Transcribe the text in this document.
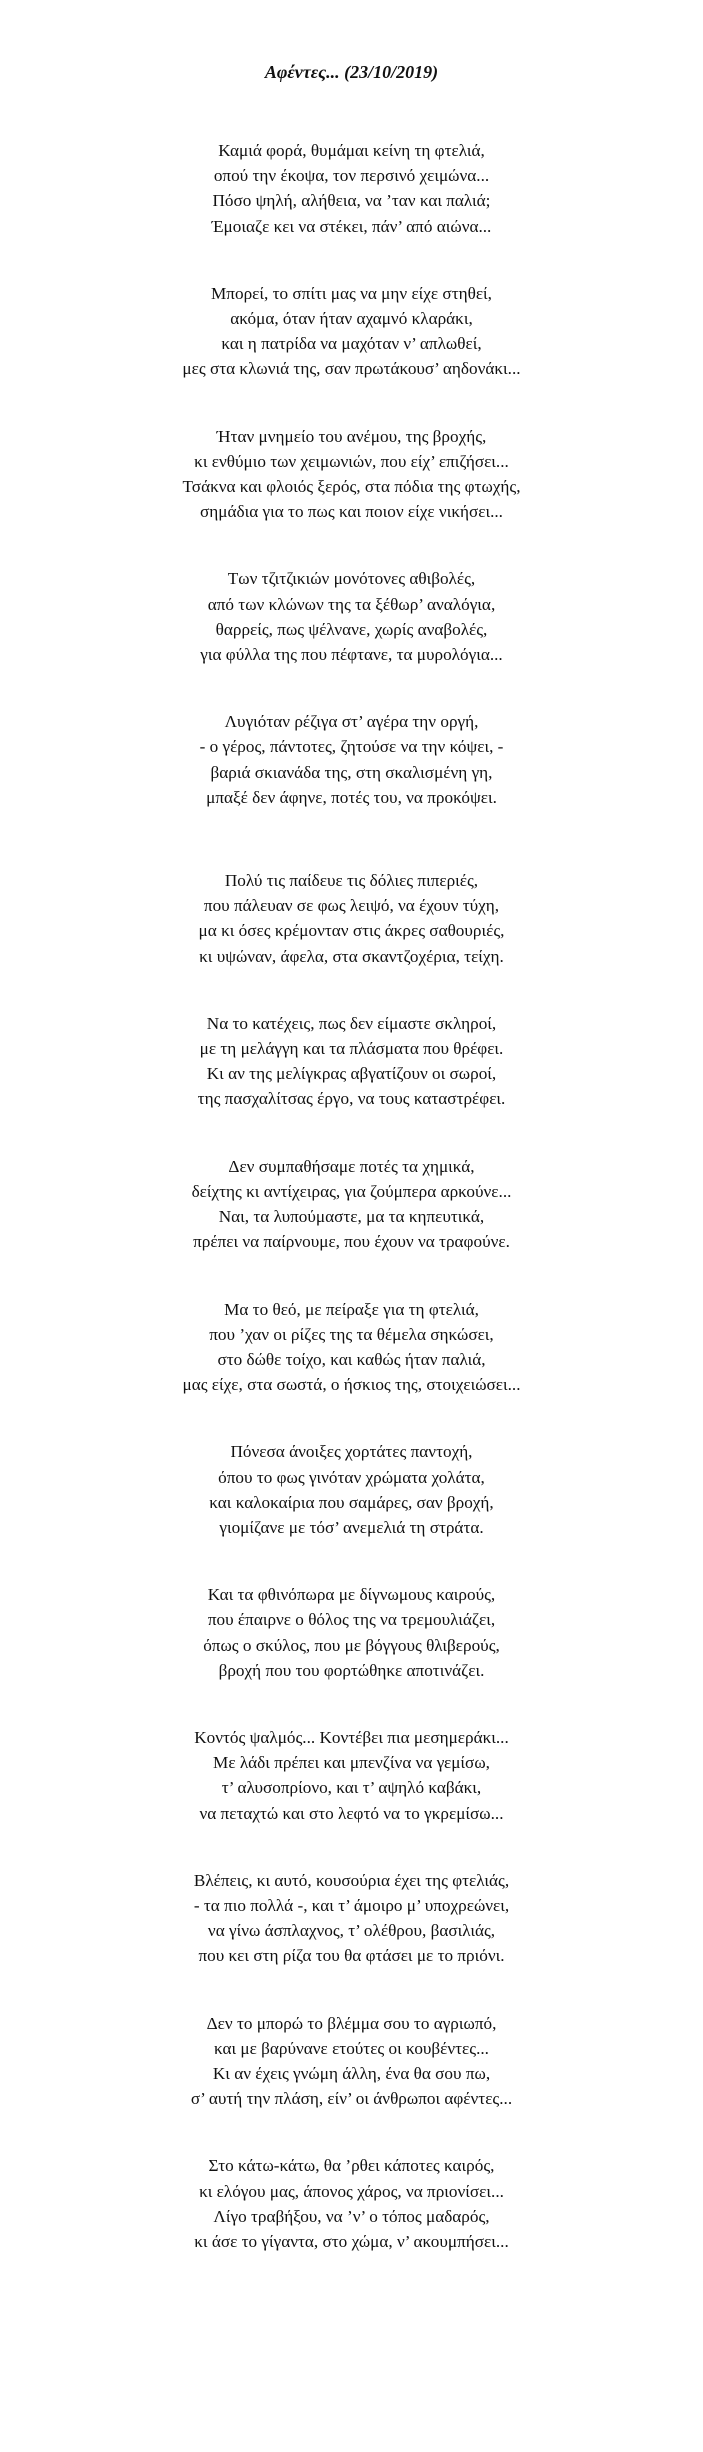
Αφέντες... (23/10/2019)
Καμιά φορά, θυμάμαι κείνη τη φτελιά,
οπού την έκοψα, τον περσινό χειμώνα...
Πόσο ψηλή, αλήθεια, να ’ταν και παλιά;
Έμοιαζε κει να στέκει, πάν’ από αιώνα...
Μπορεί, το σπίτι μας να μην είχε στηθεί,
ακόμα, όταν ήταν αχαμνό κλαράκι,
και η πατρίδα να μαχόταν ν’ απλωθεί,
μες στα κλωνιά της, σαν πρωτάκουσ’ αηδονάκι...
Ήταν μνημείο του ανέμου, της βροχής,
κι ενθύμιο των χειμωνιών, που είχ’ επιζήσει...
Τσάκνα και φλοιός ξερός, στα πόδια της φτωχής,
σημάδια για το πως και ποιον είχε νικήσει...
Των τζιτζικιών μονότονες αθιβολές,
από των κλώνων της τα ξέθωρ’ αναλόγια,
θαρρείς, πως ψέλνανε, χωρίς αναβολές,
για φύλλα της που πέφτανε, τα μυρολόγια...
Λυγιόταν ρέζιγα στ’ αγέρα την οργή,
- ο γέρος, πάντοτες, ζητούσε να την κόψει, -
βαριά σκιανάδα της, στη σκαλισμένη γη,
μπαξέ δεν άφηνε, ποτές του, να προκόψει.
Πολύ τις παίδευε τις δόλιες πιπεριές,
που πάλευαν σε φως λειψό, να έχουν τύχη,
μα κι όσες κρέμονταν στις άκρες σαθουριές,
κι υψώναν, άφελα, στα σκαντζοχέρια, τείχη.
Να το κατέχεις, πως δεν είμαστε σκληροί,
με τη μελάγγη και τα πλάσματα που θρέφει.
Κι αν της μελίγκρας αβγατίζουν οι σωροί,
της πασχαλίτσας έργο, να τους καταστρέφει.
Δεν συμπαθήσαμε ποτές τα χημικά,
δείχτης κι αντίχειρας, για ζούμπερα αρκούνε...
Ναι, τα λυπούμαστε, μα τα κηπευτικά,
πρέπει να παίρνουμε, που έχουν να τραφούνε.
Μα το θεό, με πείραξε για τη φτελιά,
που ’χαν οι ρίζες της τα θέμελα σηκώσει,
στο δώθε τοίχο, και καθώς ήταν παλιά,
μας είχε, στα σωστά, ο ήσκιος της, στοιχειώσει...
Πόνεσα άνοιξες χορτάτες παντοχή,
όπου το φως γινόταν χρώματα χολάτα,
και καλοκαίρια που σαμάρες, σαν βροχή,
γιομίζανε με τόσ’ ανεμελιά τη στράτα.
Και τα φθινόπωρα με δίγνωμους καιρούς,
που έπαιρνε ο θόλος της να τρεμουλιάζει,
όπως ο σκύλος, που με βόγγους θλιβερούς,
βροχή που του φορτώθηκε αποτινάζει.
Κοντός ψαλμός... Κοντέβει πια μεσημεράκι...
Με λάδι πρέπει και μπενζίνα να γεμίσω,
τ’ αλυσοπρίονο, και τ’ αψηλό καβάκι,
να πεταχτώ και στο λεφτό να το γκρεμίσω...
Βλέπεις, κι αυτό, κουσούρια έχει της φτελιάς,
- τα πιο πολλά -, και τ’ άμοιρο μ’ υποχρεώνει,
να γίνω άσπλαχνος, τ’ ολέθρου, βασιλιάς,
που κει στη ρίζα του θα φτάσει με το πριόνι.
Δεν το μπορώ το βλέμμα σου το αγριωπό,
και με βαρύνανε ετούτες οι κουβέντες...
Κι αν έχεις γνώμη άλλη, ένα θα σου πω,
σ’ αυτή την πλάση, είν’ οι άνθρωποι αφέντες...
Στο κάτω-κάτω, θα ’ρθει κάποτες καιρός,
κι ελόγου μας, άπονος χάρος, να πριονίσει...
Λίγο τραβήξου, να ’ν’ ο τόπος μαδαρός,
κι άσε το γίγαντα, στο χώμα, ν’ ακουμπήσει...
